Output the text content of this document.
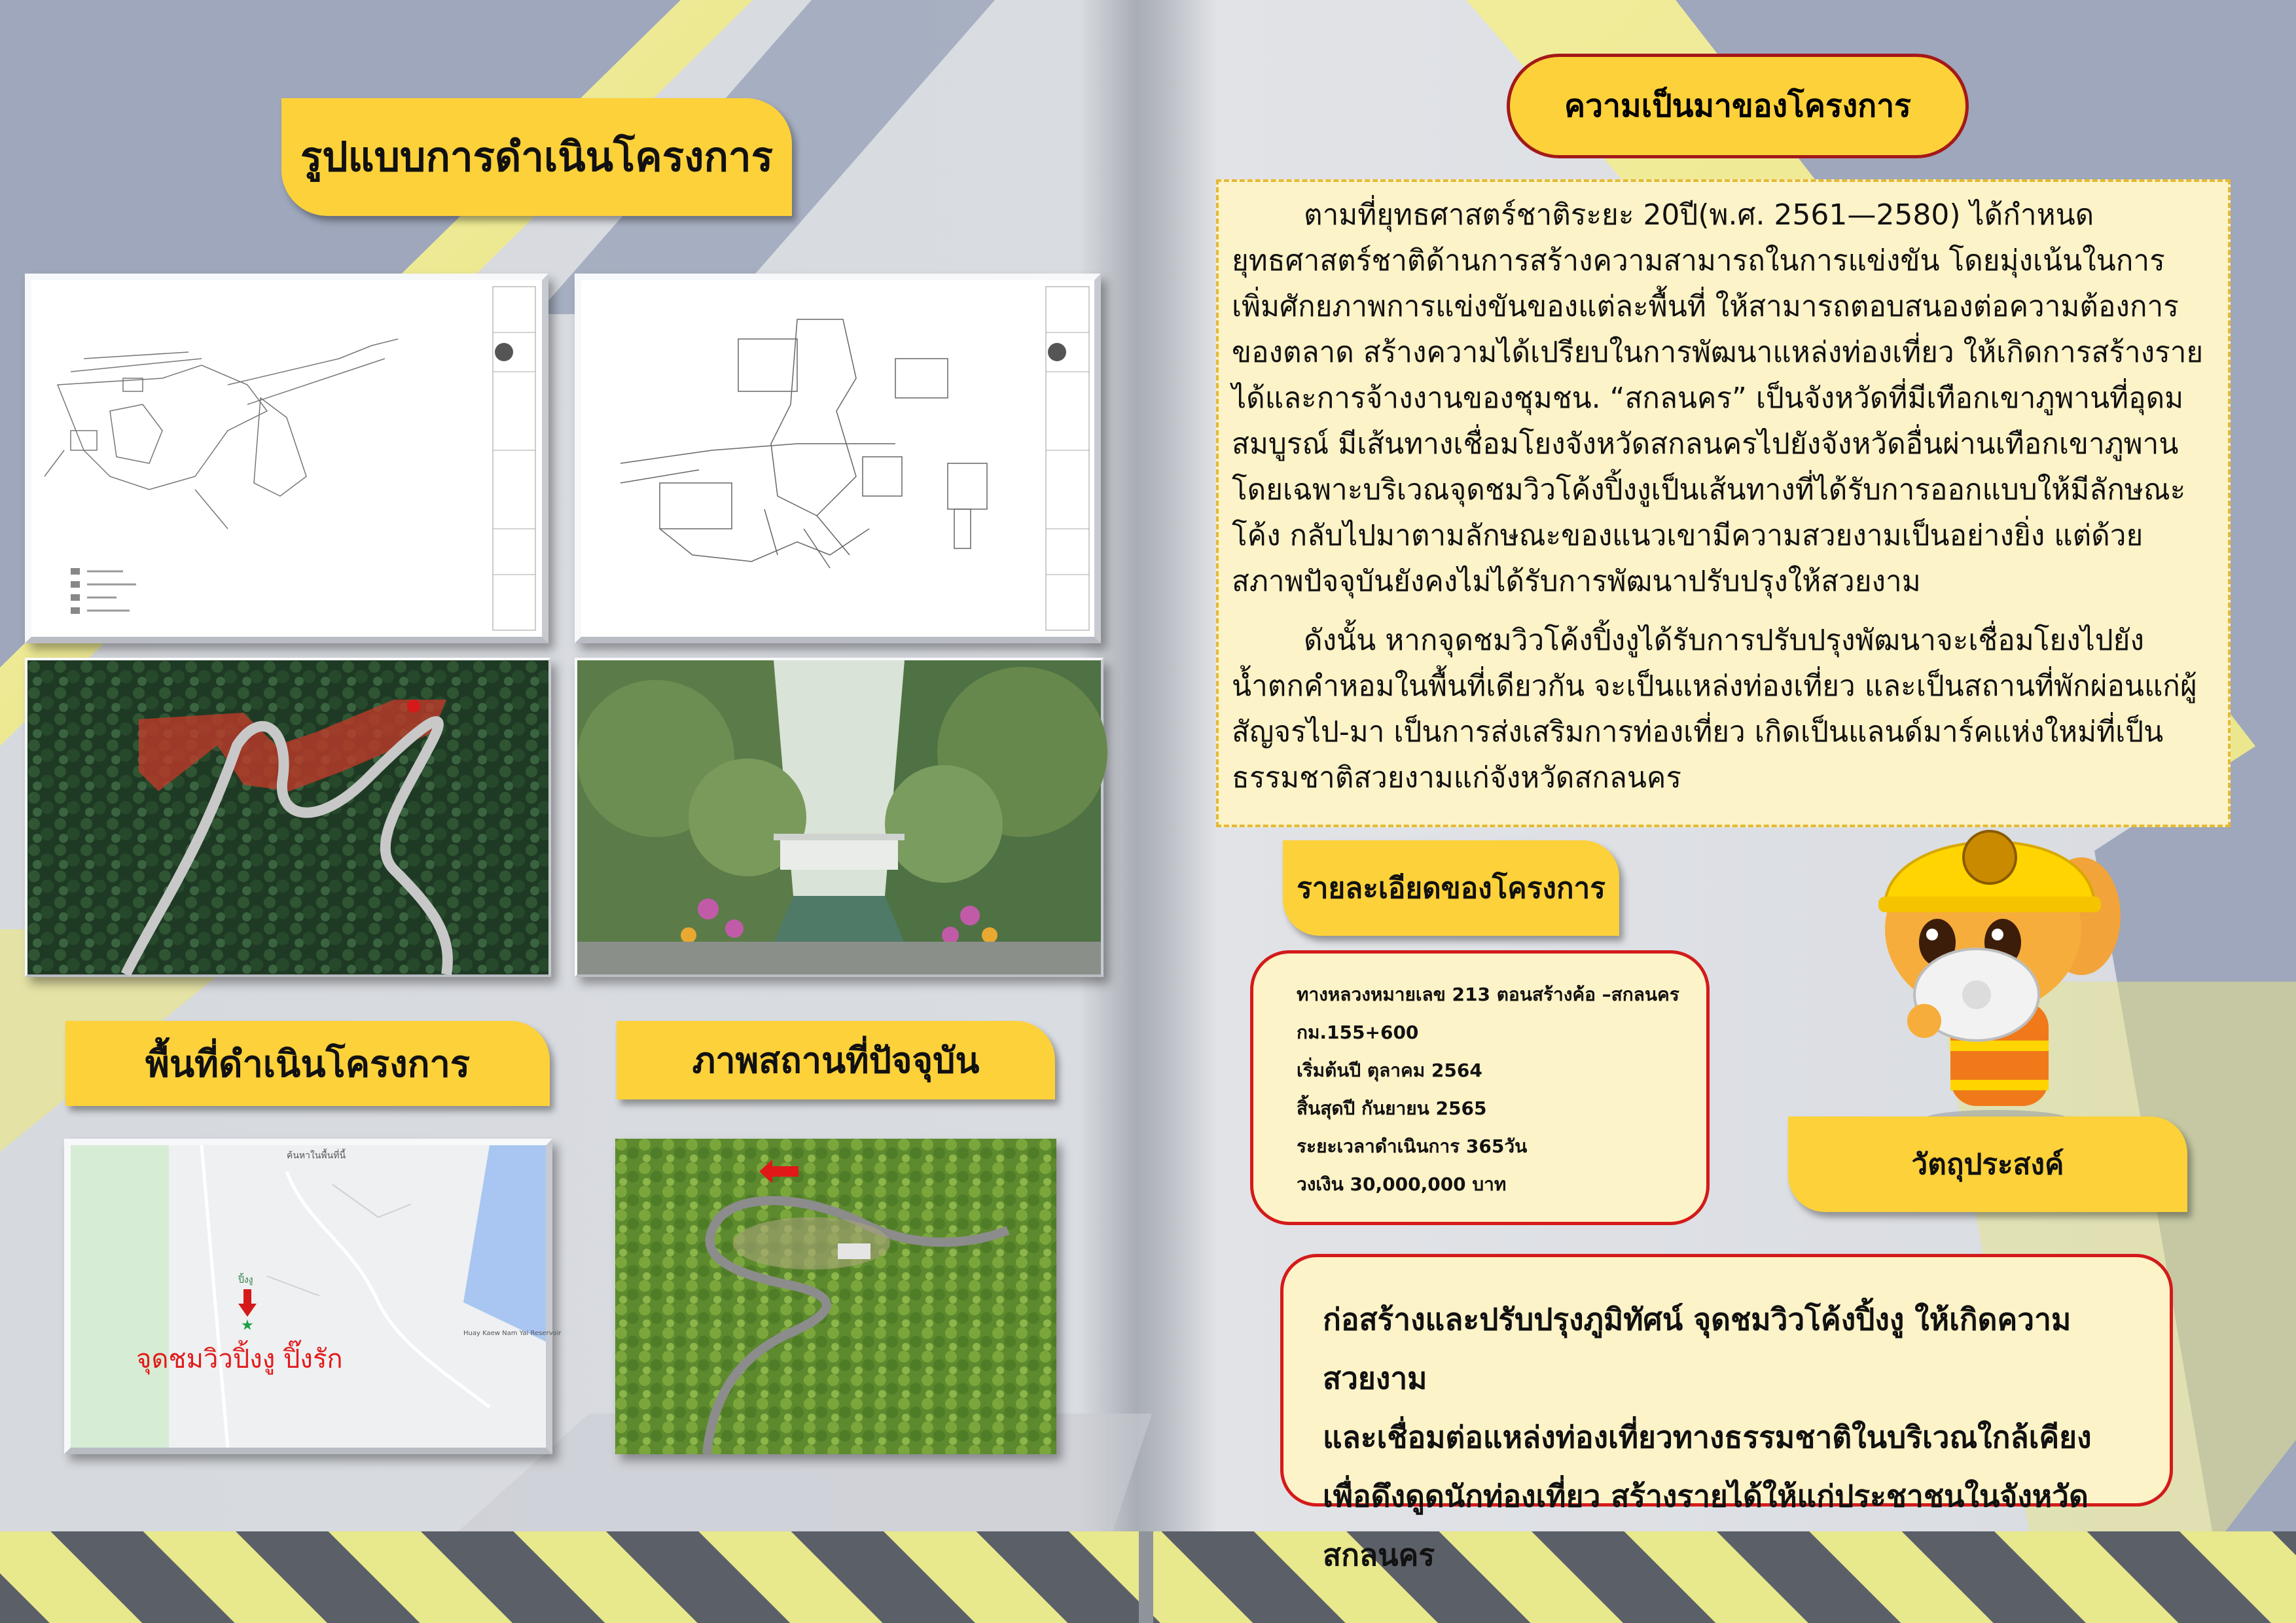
รูปแบบการดำเนินโครงการ
พื้นที่ดำเนินโครงการ	ภาพสถานที่ปัจจุบัน
ค้นหาในพื้นที่นี้
ปิ้งงู
Huay Kaew Nam Yai Reservoir
★
จุดชมวิวปิ้งงู ปิ๊งรัก
ความเป็นมาของโครงการ

ตามที่ยุทธศาสตร์ชาติระยะ 20ปี(พ.ศ. 2561—2580) ได้กำหนดยุทธศาสตร์ชาติด้านการสร้างความสามารถในการแข่งขัน โดยมุ่งเน้นในการเพิ่มศักยภาพการแข่งขันของแต่ละพื้นที่ ให้สามารถตอบสนองต่อความต้องการของตลาด สร้างความได้เปรียบในการพัฒนาแหล่งท่องเที่ยว ให้เกิดการสร้างรายได้และการจ้างงานของชุมชน. “สกลนคร” เป็นจังหวัดที่มีเทือกเขาภูพานที่อุดมสมบูรณ์ มีเส้นทางเชื่อมโยงจังหวัดสกลนครไปยังจังหวัดอื่นผ่านเทือกเขาภูพาน โดยเฉพาะบริเวณจุดชมวิวโค้งปิ้งงูเป็นเส้นทางที่ได้รับการออกแบบให้มีลักษณะโค้ง กลับไปมาตามลักษณะของแนวเขามีความสวยงามเป็นอย่างยิ่ง แต่ด้วยสภาพปัจจุบันยังคงไม่ได้รับการพัฒนาปรับปรุงให้สวยงาม

ดังนั้น หากจุดชมวิวโค้งปิ้งงูได้รับการปรับปรุงพัฒนาจะเชื่อมโยงไปยังน้ำตกคำหอมในพื้นที่เดียวกัน จะเป็นแหล่งท่องเที่ยว และเป็นสถานที่พักผ่อนแก่ผู้สัญจรไป-มา เป็นการส่งเสริมการท่องเที่ยว เกิดเป็นแลนด์มาร์คแห่งใหม่ที่เป็นธรรมชาติสวยงามแก่จังหวัดสกลนคร

รายละเอียดของโครงการ
ทางหลวงหมายเลข 213 ตอนสร้างค้อ –สกลนคร
กม.155+600
เริ่มต้นปี ตุลาคม 2564
สิ้นสุดปี กันยายน 2565
ระยะเวลาดำเนินการ 365วัน
วงเงิน 30,000,000 บาท
วัตถุประสงค์
ก่อสร้างและปรับปรุงภูมิทัศน์ จุดชมวิวโค้งปิ้งงู ให้เกิดความสวยงาม
และเชื่อมต่อแหล่งท่องเที่ยวทางธรรมชาติในบริเวณใกล้เคียง
เพื่อดึงดูดนักท่องเที่ยว สร้างรายได้ให้แก่ประชาชนในจังหวัดสกลนคร
